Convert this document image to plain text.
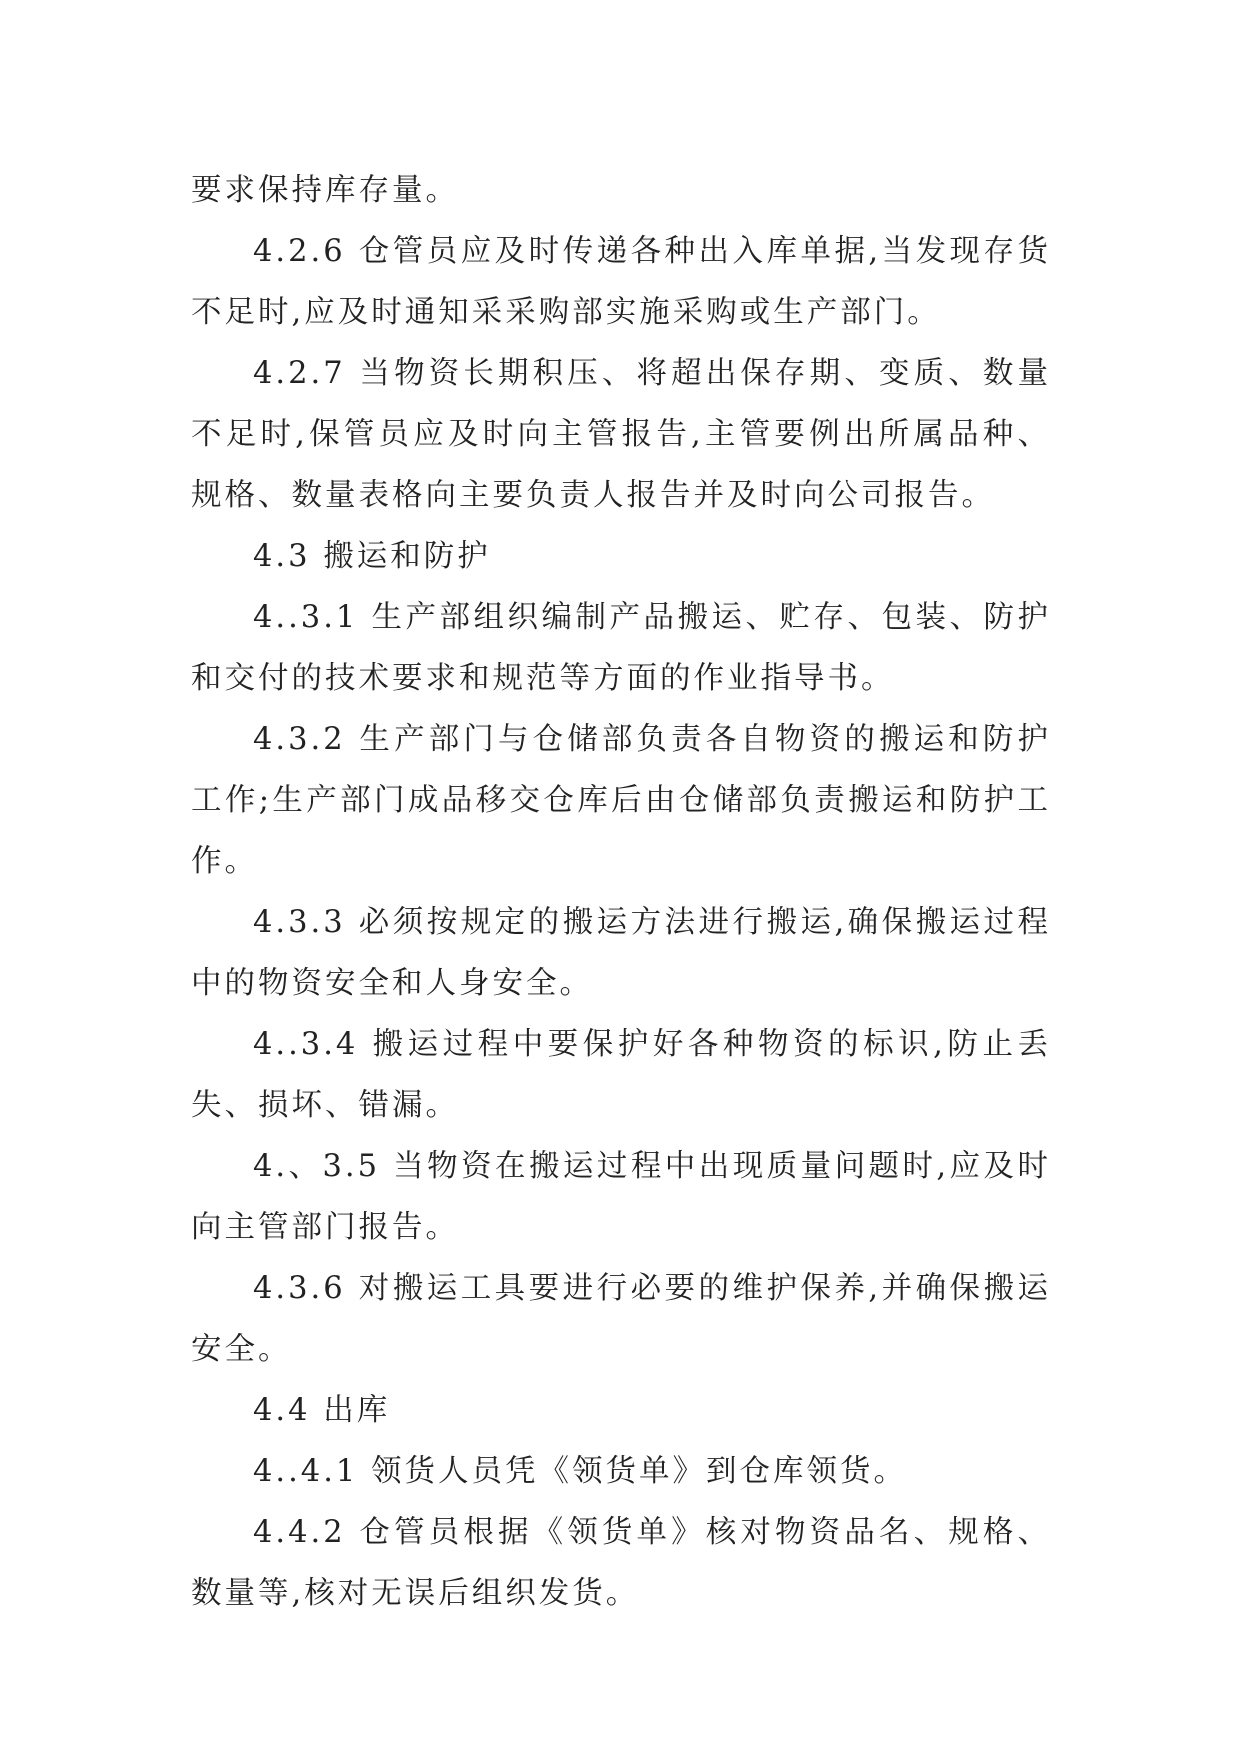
要求保持库存量。

4.2.6 仓管员应及时传递各种出入库单据,当发现存货不足时,应及时通知采采购部实施采购或生产部门。

4.2.7 当物资长期积压、将超出保存期、变质、数量不足时,保管员应及时向主管报告,主管要例出所属品种、规格、数量表格向主要负责人报告并及时向公司报告。

4.3 搬运和防护

4..3.1 生产部组织编制产品搬运、贮存、包装、防护和交付的技术要求和规范等方面的作业指导书。

4.3.2 生产部门与仓储部负责各自物资的搬运和防护工作;生产部门成品移交仓库后由仓储部负责搬运和防护工作。

4.3.3 必须按规定的搬运方法进行搬运,确保搬运过程中的物资安全和人身安全。

4..3.4 搬运过程中要保护好各种物资的标识,防止丢失、损坏、错漏。

4.、3.5 当物资在搬运过程中出现质量问题时,应及时向主管部门报告。

4.3.6 对搬运工具要进行必要的维护保养,并确保搬运安全。

4.4 出库

4..4.1 领货人员凭《领货单》到仓库领货。

4.4.2 仓管员根据《领货单》核对物资品名、规格、数量等,核对无误后组织发货。
